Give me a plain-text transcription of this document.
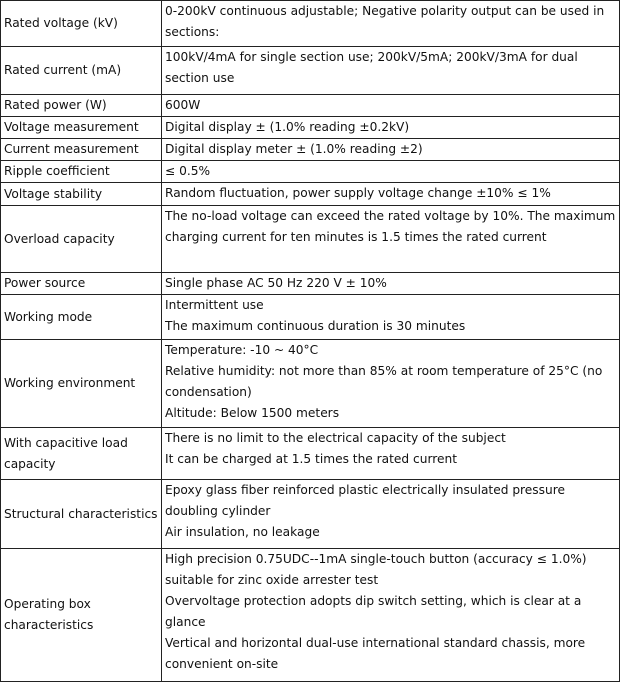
Rated voltage (kV)	0-200kV continuous adjustable; Negative polarity output can be used in sections:

Rated current (mA)	100kV/4mA for single section use; 200kV/5mA; 200kV/3mA for dual section use

Rated power (W)	600W

Voltage measurement	Digital display ± (1.0% reading ±0.2kV)

Current measurement	Digital display meter ± (1.0% reading ±2)

Ripple coefficient	≤ 0.5%

Voltage stability	Random fluctuation, power supply voltage change ±10% ≤ 1%

Overload capacity	The no-load voltage can exceed the rated voltage by 10%. The maximum charging current for ten minutes is 1.5 times the rated current

Power source	Single phase AC 50 Hz 220 V ± 10%

Working mode	Intermittent use
The maximum continuous duration is 30 minutes

Working environment	Temperature: -10 ~ 40°C
Relative humidity: not more than 85% at room temperature of 25°C (no condensation)
Altitude: Below 1500 meters

With capacitive load capacity	There is no limit to the electrical capacity of the subject
It can be charged at 1.5 times the rated current

Structural characteristics	Epoxy glass fiber reinforced plastic electrically insulated pressure doubling cylinder
Air insulation, no leakage

Operating box characteristics	High precision 0.75UDC--1mA single-touch button (accuracy ≤ 1.0%) suitable for zinc oxide arrester test
Overvoltage protection adopts dip switch setting, which is clear at a glance
Vertical and horizontal dual-use international standard chassis, more convenient on-site
